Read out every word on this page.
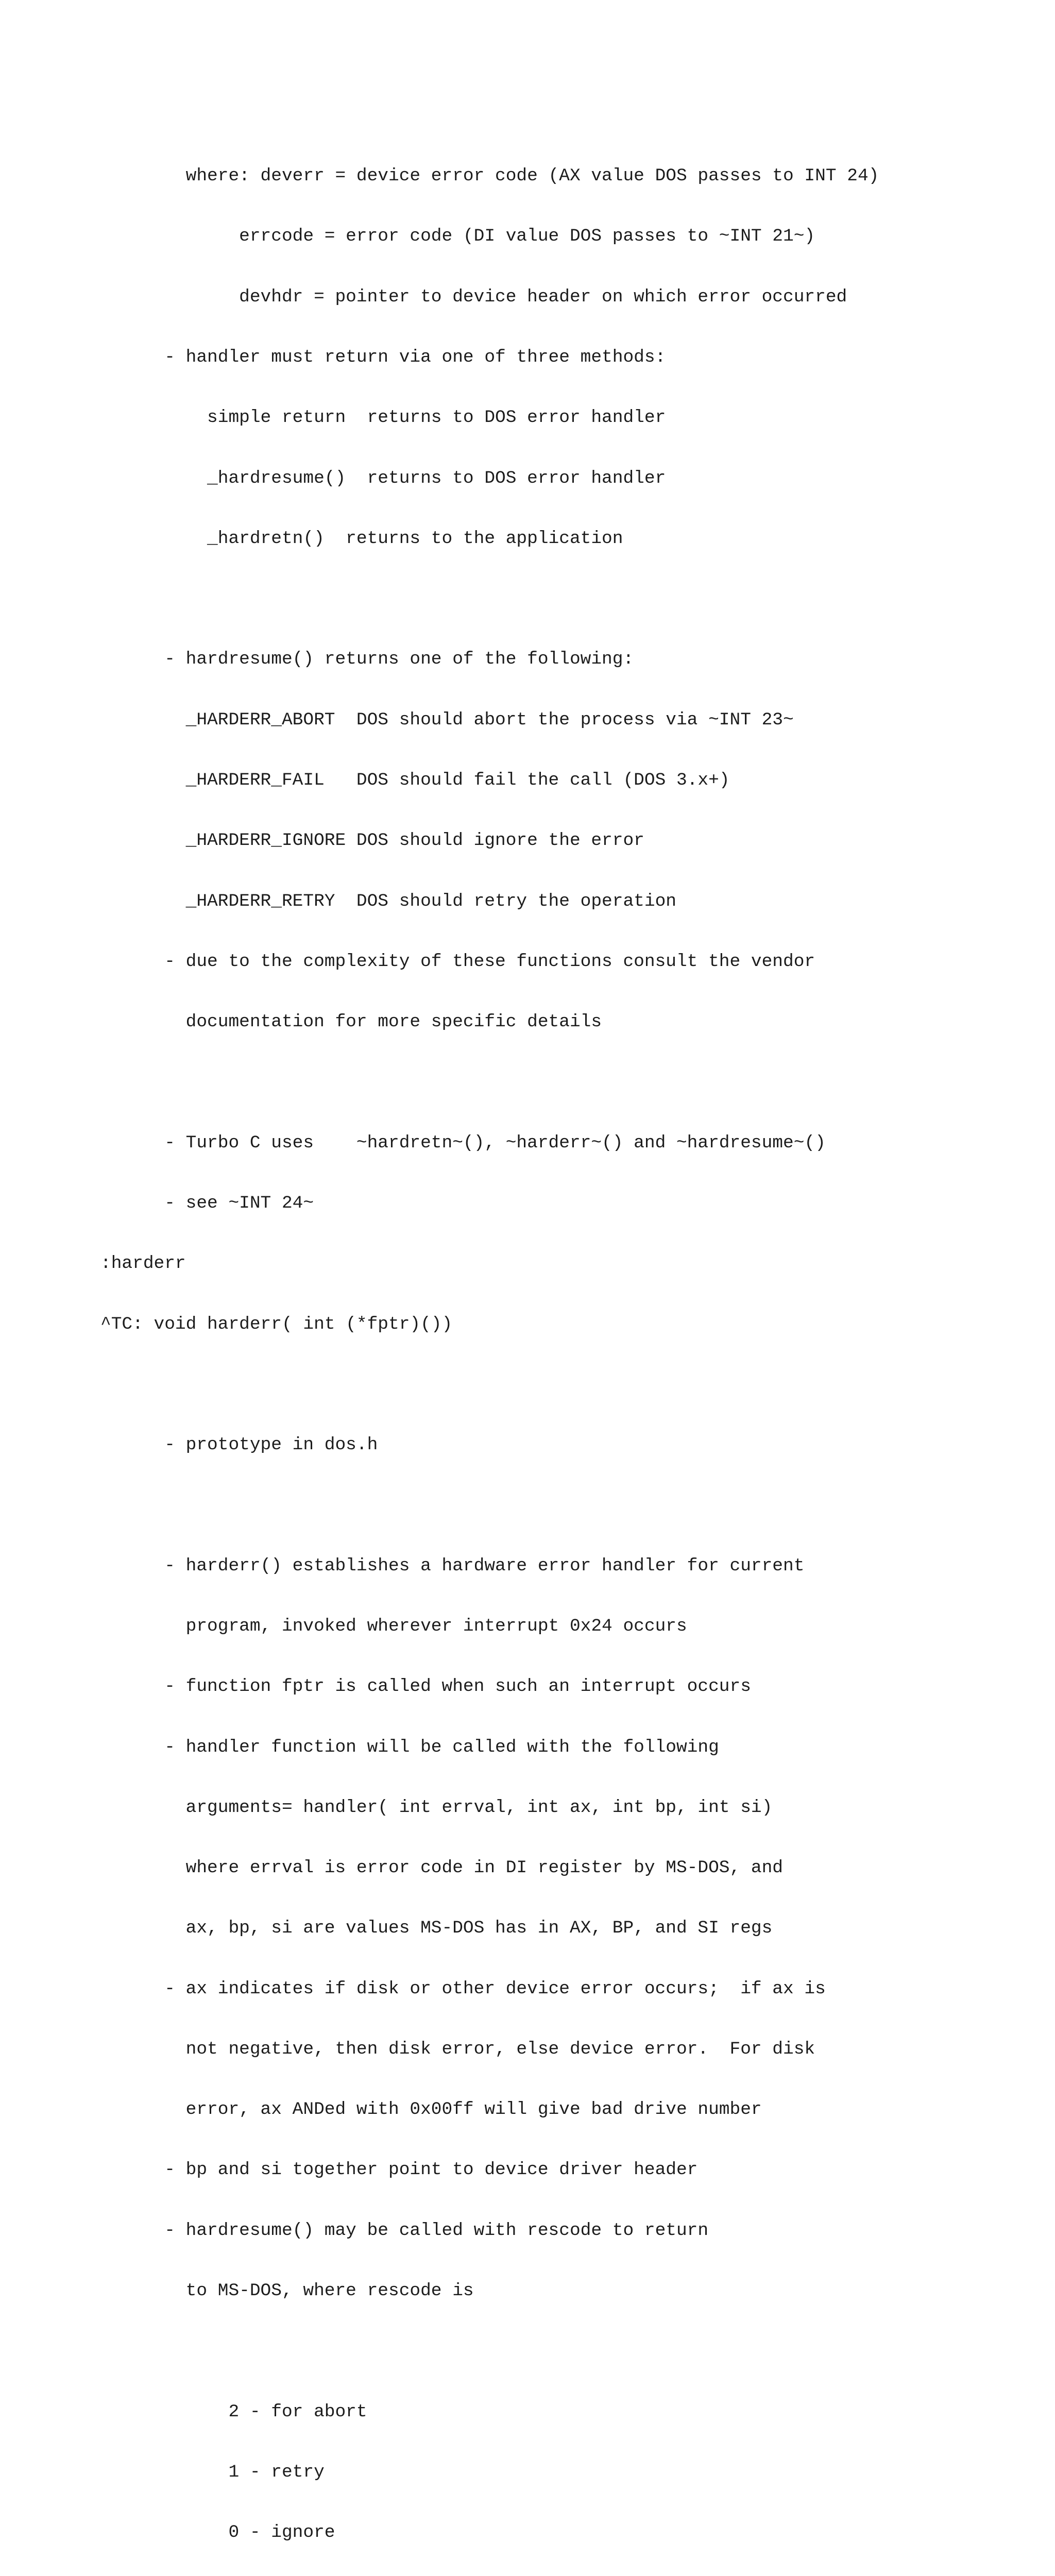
where: deverr = device error code (AX value DOS passes to INT 24)

errcode = error code (DI value DOS passes to ~INT 21~)

devhdr = pointer to device header on which error occurred

- handler must return via one of three methods:

simple return  returns to DOS error handler

_hardresume()  returns to DOS error handler

_hardretn()  returns to the application

- hardresume() returns one of the following:

_HARDERR_ABORT  DOS should abort the process via ~INT 23~

_HARDERR_FAIL   DOS should fail the call (DOS 3.x+)

_HARDERR_IGNORE DOS should ignore the error

_HARDERR_RETRY  DOS should retry the operation

- due to the complexity of these functions consult the vendor

documentation for more specific details

- Turbo C uses    ~hardretn~(), ~harderr~() and ~hardresume~()

- see ~INT 24~

:harderr

^TC: void harderr( int (*fptr)())

- prototype in dos.h

- harderr() establishes a hardware error handler for current

program, invoked wherever interrupt 0x24 occurs

- function fptr is called when such an interrupt occurs

- handler function will be called with the following

arguments= handler( int errval, int ax, int bp, int si)

where errval is error code in DI register by MS-DOS, and

ax, bp, si are values MS-DOS has in AX, BP, and SI regs

- ax indicates if disk or other device error occurs;  if ax is

not negative, then disk error, else device error.  For disk

error, ax ANDed with 0x00ff will give bad drive number

- bp and si together point to device driver header

- hardresume() may be called with rescode to return

to MS-DOS, where rescode is

2 - for abort

1 - retry

0 - ignore
